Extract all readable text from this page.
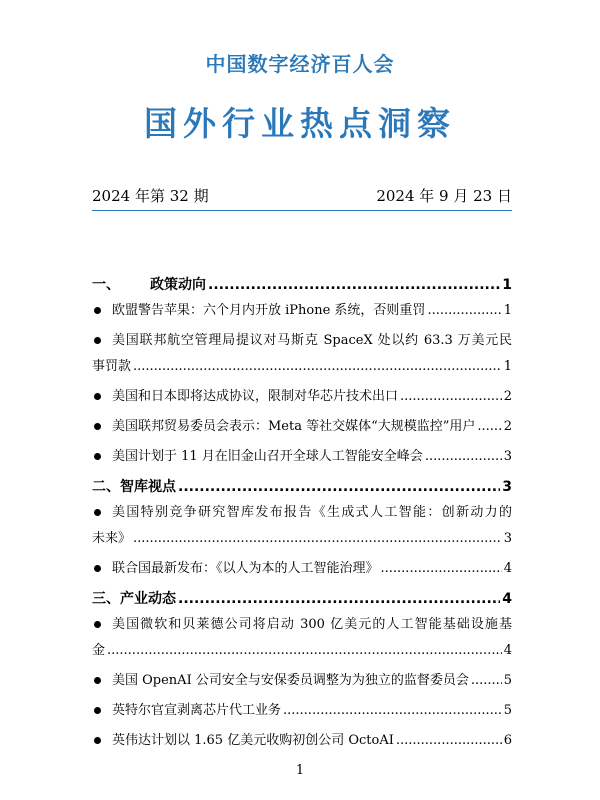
中国数字经济百人会
国外行业热点洞察
2024 年第 32 期	2024 年 9 月 23 日
一、 政策动向 .....	1
欧盟警告苹果：六个月内开放 iPhone 系统，否则重罚 .....	1
美国联邦航空管理局提议对马斯克 SpaceX 处以约 63.3 万美元民
事罚款 .....	1
美国和日本即将达成协议，限制对华芯片技术出口 .....	2
美国联邦贸易委员会表示：Meta 等社交媒体“大规模监控”用户 ..... 2
美国计划于 11 月在旧金山召开全球人工智能安全峰会 .....	3
二、智库视点 .....	3
美国特别竞争研究智库发布报告《生成式人工智能：创新动力的
未来》 .....	3
联合国最新发布：《以人为本的人工智能治理》 .....	4
三、产业动态 .....	4
美国微软和贝莱德公司将启动 300 亿美元的人工智能基础设施基
金 .....	4
美国 OpenAI 公司安全与安保委员调整为为独立的监督委员会 .....	5
英特尔官宣剥离芯片代工业务 .....	5
英伟达计划以 1.65 亿美元收购初创公司 OctoAI .....	6
1
